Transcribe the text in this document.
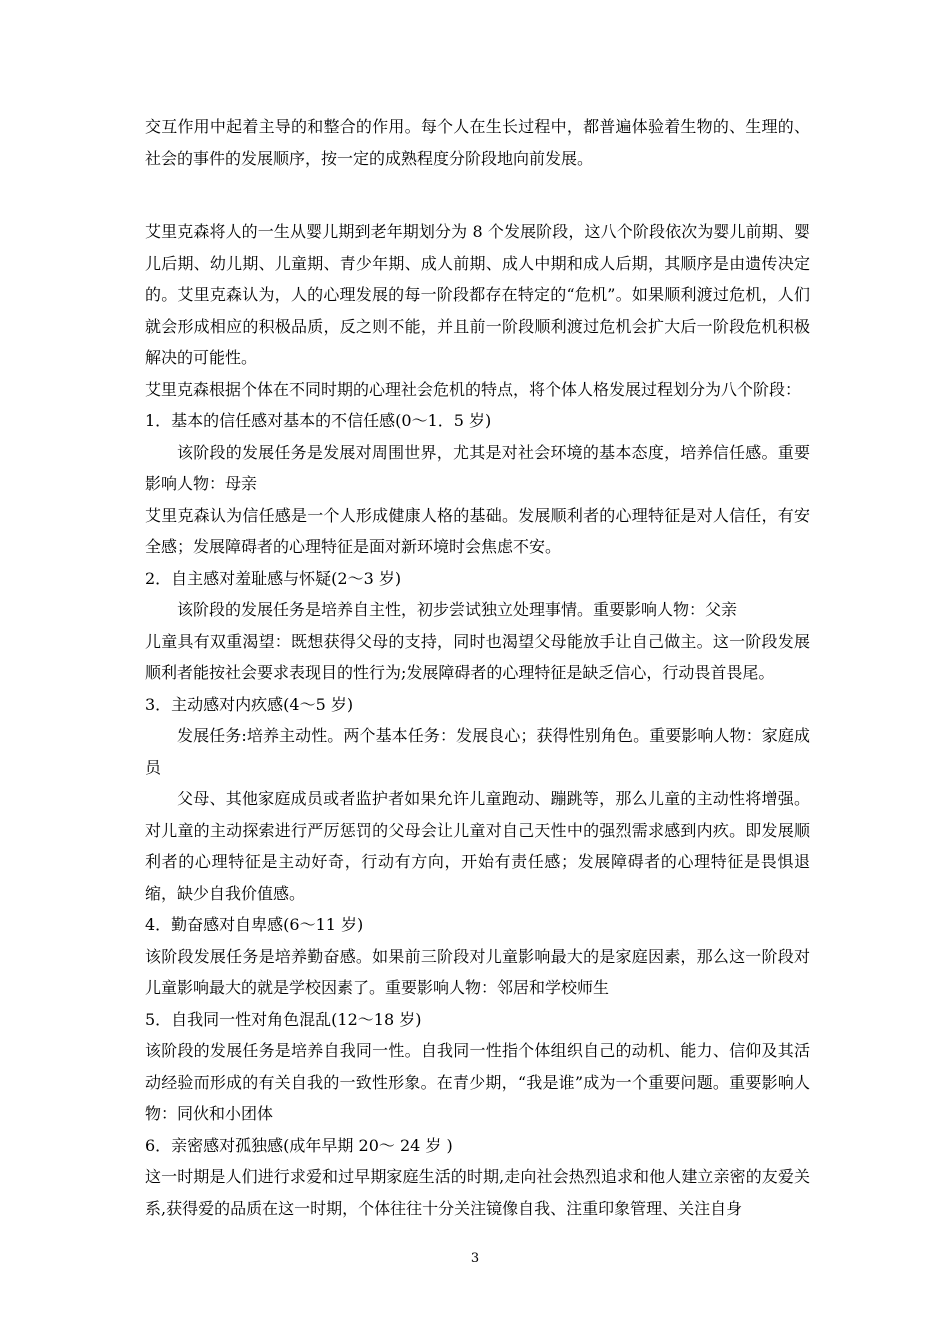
交互作用中起着主导的和整合的作用。每个人在生长过程中，都普遍体验着生物的、生理的、社会的事件的发展顺序，按一定的成熟程度分阶段地向前发展。

艾里克森将人的一生从婴儿期到老年期划分为 8 个发展阶段，这八个阶段依次为婴儿前期、婴儿后期、幼儿期、儿童期、青少年期、成人前期、成人中期和成人后期，其顺序是由遗传决定的。艾里克森认为，人的心理发展的每一阶段都存在特定的“危机”。如果顺利渡过危机，人们就会形成相应的积极品质，反之则不能，并且前一阶段顺利渡过危机会扩大后一阶段危机积极解决的可能性。

艾里克森根据个体在不同时期的心理社会危机的特点，将个体人格发展过程划分为八个阶段：

1．基本的信任感对基本的不信任感(0～1．5 岁)

该阶段的发展任务是发展对周围世界，尤其是对社会环境的基本态度，培养信任感。重要影响人物：母亲

艾里克森认为信任感是一个人形成健康人格的基础。发展顺利者的心理特征是对人信任，有安全感；发展障碍者的心理特征是面对新环境时会焦虑不安。

2．自主感对羞耻感与怀疑(2～3 岁)

该阶段的发展任务是培养自主性，初步尝试独立处理事情。重要影响人物：父亲

儿童具有双重渴望：既想获得父母的支持，同时也渴望父母能放手让自己做主。这一阶段发展顺利者能按社会要求表现目的性行为;发展障碍者的心理特征是缺乏信心，行动畏首畏尾。

3．主动感对内疚感(4～5 岁)

发展任务:培养主动性。两个基本任务：发展良心；获得性别角色。重要影响人物：家庭成员

父母、其他家庭成员或者监护者如果允许儿童跑动、蹦跳等，那么儿童的主动性将增强。对儿童的主动探索进行严厉惩罚的父母会让儿童对自己天性中的强烈需求感到内疚。即发展顺利者的心理特征是主动好奇，行动有方向，开始有责任感；发展障碍者的心理特征是畏惧退缩，缺少自我价值感。

4．勤奋感对自卑感(6～11 岁)

该阶段发展任务是培养勤奋感。如果前三阶段对儿童影响最大的是家庭因素，那么这一阶段对儿童影响最大的就是学校因素了。重要影响人物：邻居和学校师生

5．自我同一性对角色混乱(12～18 岁)

该阶段的发展任务是培养自我同一性。自我同一性指个体组织自己的动机、能力、信仰及其活动经验而形成的有关自我的一致性形象。在青少期，“我是谁”成为一个重要问题。重要影响人物：同伙和小团体

6．亲密感对孤独感(成年早期 20～ 24 岁 )

这一时期是人们进行求爱和过早期家庭生活的时期,走向社会热烈追求和他人建立亲密的友爱关系,获得爱的品质在这一时期，个体往往十分关注镜像自我、注重印象管理、关注自身

3
